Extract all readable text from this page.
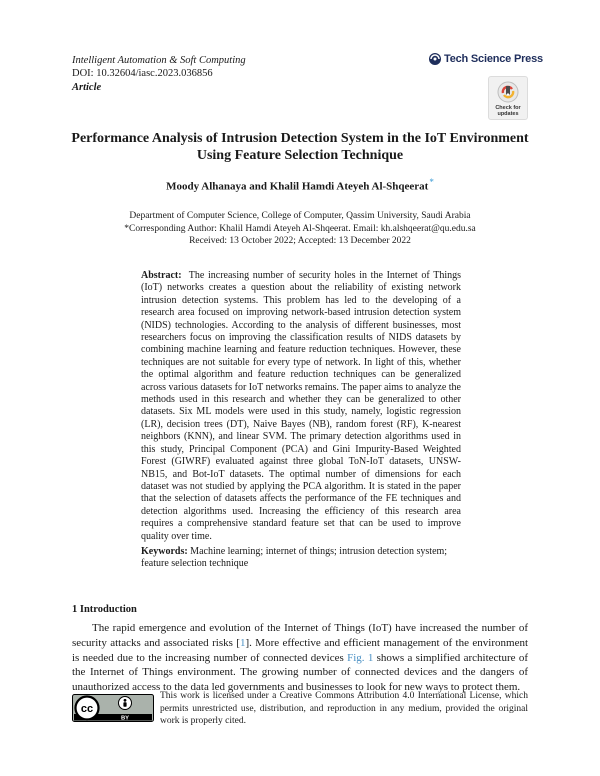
Intelligent Automation & Soft Computing
DOI: 10.32604/iasc.2023.036856
Article
Tech Science Press
Check for
updates
Performance Analysis of Intrusion Detection System in the IoT Environment
Using Feature Selection Technique
Moody Alhanaya and Khalil Hamdi Ateyeh Al-Shqeerat*
Department of Computer Science, College of Computer, Qassim University, Saudi Arabia
*Corresponding Author: Khalil Hamdi Ateyeh Al-Shqeerat. Email: kh.alshqeerat@qu.edu.sa
Received: 13 October 2022; Accepted: 13 December 2022
Abstract: The increasing number of security holes in the Internet of Things (IoT) networks creates a question about the reliability of existing network intrusion detection systems. This problem has led to the developing of a research area focused on improving network-based intrusion detection system (NIDS) technologies. According to the analysis of different businesses, most researchers focus on improving the classification results of NIDS datasets by combining machine learning and feature reduction techniques. However, these techniques are not suitable for every type of network. In light of this, whether the optimal algorithm and feature reduction techniques can be generalized across various datasets for IoT networks remains. The paper aims to analyze the methods used in this research and whether they can be generalized to other datasets. Six ML models were used in this study, namely, logistic regression (LR), decision trees (DT), Naive Bayes (NB), random forest (RF), K-nearest neighbors (KNN), and linear SVM. The primary detection algorithms used in this study, Principal Component (PCA) and Gini Impurity-Based Weighted Forest (GIWRF) evaluated against three global ToN-IoT datasets, UNSW-NB15, and Bot-IoT datasets. The optimal number of dimensions for each dataset was not studied by applying the PCA algorithm. It is stated in the paper that the selection of datasets affects the performance of the FE techniques and detection algorithms used. Increasing the efficiency of this research area requires a comprehensive standard feature set that can be used to improve quality over time.
Keywords: Machine learning; internet of things; intrusion detection system; feature selection technique
1 Introduction
The rapid emergence and evolution of the Internet of Things (IoT) have increased the number of security attacks and associated risks [1]. More effective and efficient management of the environment is needed due to the increasing number of connected devices Fig. 1 shows a simplified architecture of the Internet of Things environment. The growing number of connected devices and the dangers of unauthorized access to the data led governments and businesses to look for new ways to protect them.
cc
BY
This work is licensed under a Creative Commons Attribution 4.0 International License, which permits unrestricted use, distribution, and reproduction in any medium, provided the original work is properly cited.
